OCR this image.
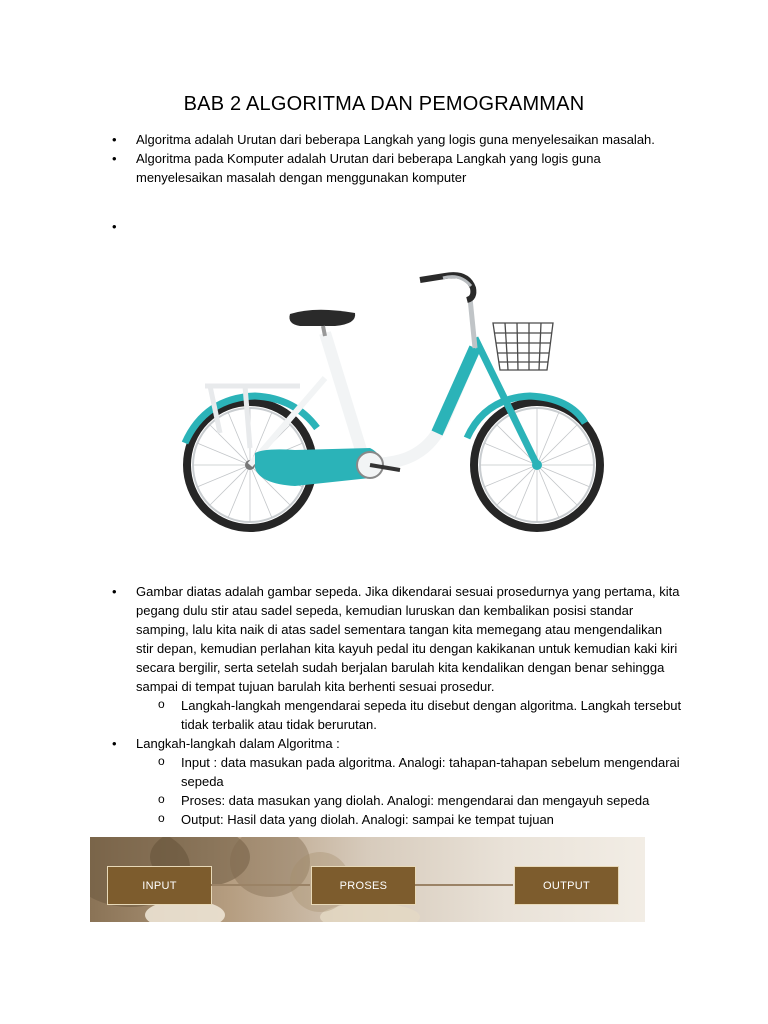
BAB 2 ALGORITMA DAN PEMOGRAMMAN
• Algoritma adalah Urutan dari beberapa Langkah yang logis guna menyelesaikan masalah.
• Algoritma pada Komputer adalah Urutan dari beberapa Langkah yang logis guna menyelesaikan masalah dengan menggunakan komputer
•
• Gambar diatas adalah gambar sepeda. Jika dikendarai sesuai prosedurnya yang pertama, kita pegang dulu stir atau sadel sepeda, kemudian luruskan dan kembalikan posisi standar samping, lalu kita naik di atas sadel sementara tangan kita memegang atau mengendalikan stir depan, kemudian perlahan kita kayuh pedal itu dengan kakikanan untuk kemudian kaki kiri secara bergilir, serta setelah sudah berjalan barulah kita kendalikan dengan benar sehingga sampai di tempat tujuan barulah kita berhenti sesuai prosedur.
o Langkah-langkah mengendarai sepeda itu disebut dengan algoritma. Langkah tersebut tidak terbalik atau tidak berurutan.
• Langkah-langkah dalam Algoritma :
o Input : data masukan pada algoritma. Analogi: tahapan-tahapan sebelum mengendarai sepeda
o Proses: data masukan yang diolah. Analogi: mengendarai dan mengayuh sepeda
o Output: Hasil data yang diolah. Analogi: sampai ke tempat tujuan
INPUT	PROSES	OUTPUT
